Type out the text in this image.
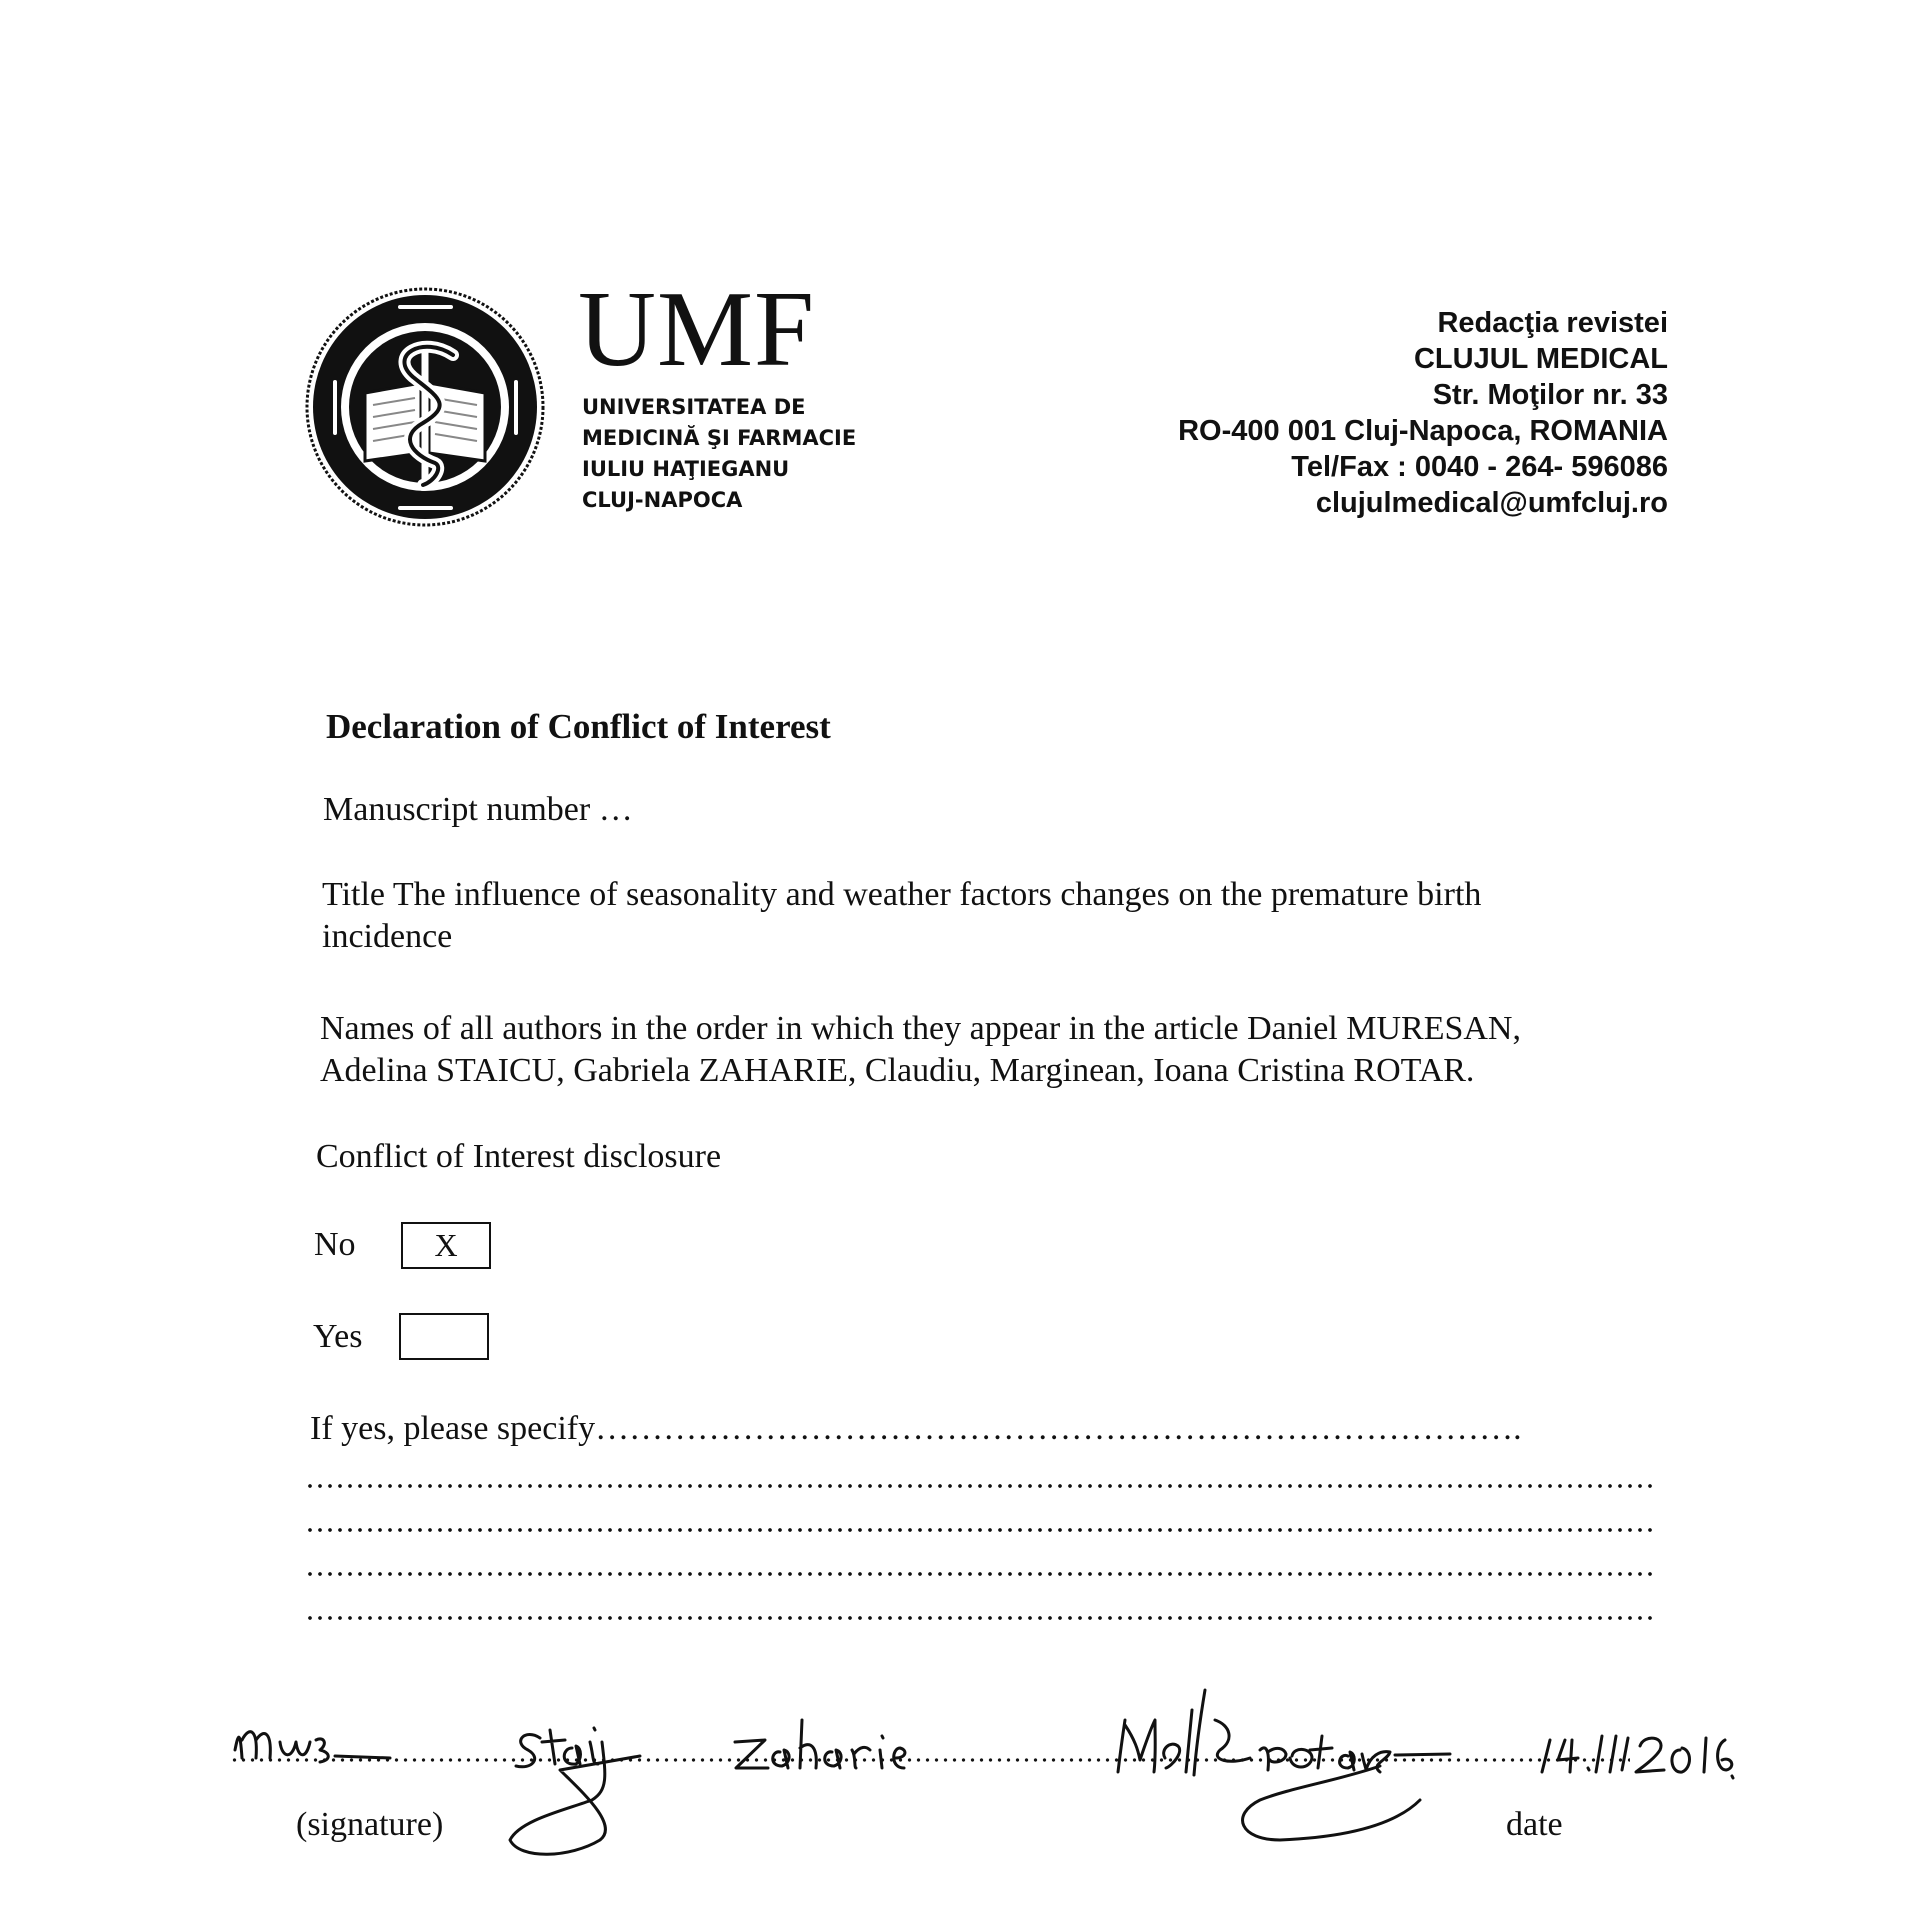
UMF
UNIVERSITATEA DE
MEDICINĂ ŞI FARMACIE
IULIU HAŢIEGANU
CLUJ-NAPOCA
Redacţia revistei
CLUJUL MEDICAL
Str. Moţilor nr. 33
RO-400 001 Cluj-Napoca, ROMANIA
Tel/Fax : 0040 - 264- 596086
clujulmedical@umfcluj.ro
Declaration of Conflict of Interest
Manuscript number …
Title The influence of seasonality and weather factors changes on the premature birth
incidence
Names of all authors in the order in which they appear in the article Daniel MURESAN,
Adelina STAICU, Gabriela ZAHARIE, Claudiu, Marginean, Ioana Cristina ROTAR.
Conflict of Interest disclosure
No	X
Yes
If yes, please specify……………………………………………………………………….
(signature)	date
